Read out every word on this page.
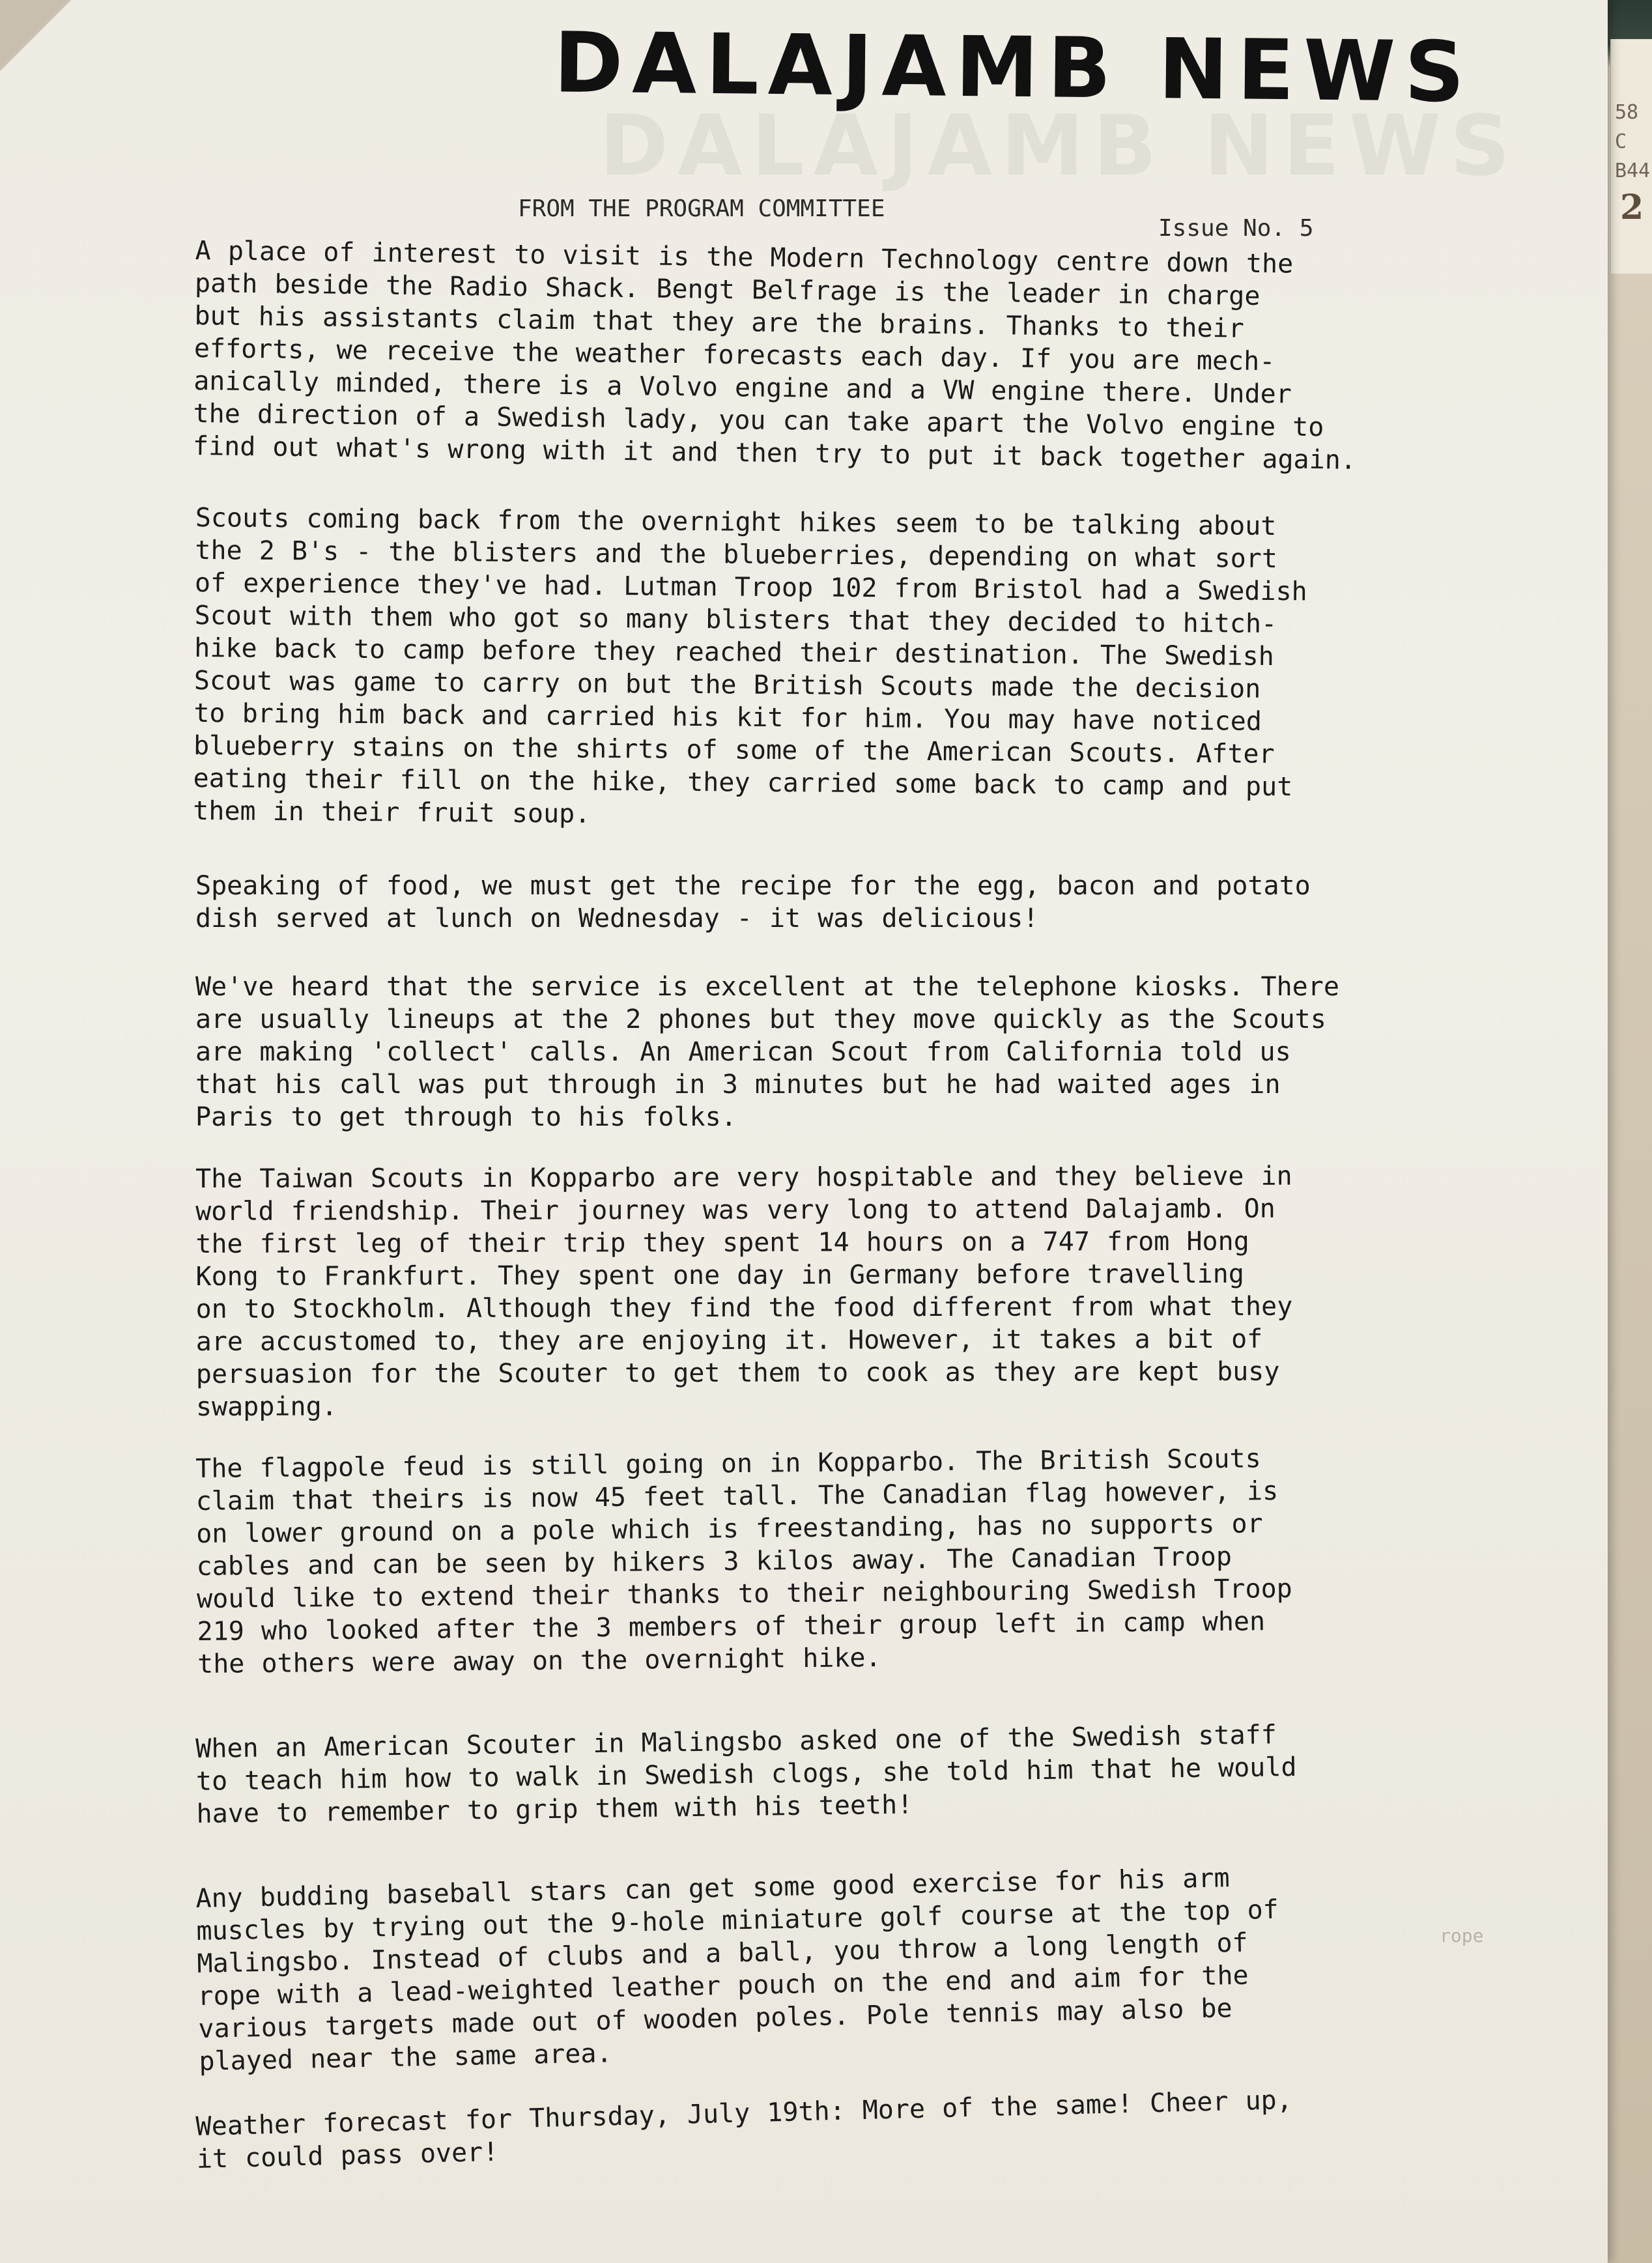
58
C
B44
2
DALAJAMB NEWS
DALAJAMB NEWS
FROM THE PROGRAM COMMITTEE
Issue No. 5
A place of interest to visit is the Modern Technology centre down the
path beside the Radio Shack. Bengt Belfrage is the leader in charge
but his assistants claim that they are the brains. Thanks to their
efforts, we receive the weather forecasts each day. If you are mech-
anically minded, there is a Volvo engine and a VW engine there. Under
the direction of a Swedish lady, you can take apart the Volvo engine to
find out what's wrong with it and then try to put it back together again.
Scouts coming back from the overnight hikes seem to be talking about
the 2 B's - the blisters and the blueberries, depending on what sort
of experience they've had. Lutman Troop 102 from Bristol had a Swedish
Scout with them who got so many blisters that they decided to hitch-
hike back to camp before they reached their destination. The Swedish
Scout was game to carry on but the British Scouts made the decision
to bring him back and carried his kit for him. You may have noticed
blueberry stains on the shirts of some of the American Scouts. After
eating their fill on the hike, they carried some back to camp and put
them in their fruit soup.
Speaking of food, we must get the recipe for the egg, bacon and potato
dish served at lunch on Wednesday - it was delicious!
We've heard that the service is excellent at the telephone kiosks. There
are usually lineups at the 2 phones but they move quickly as the Scouts
are making 'collect' calls. An American Scout from California told us
that his call was put through in 3 minutes but he had waited ages in
Paris to get through to his folks.
The Taiwan Scouts in Kopparbo are very hospitable and they believe in
world friendship. Their journey was very long to attend Dalajamb. On
the first leg of their trip they spent 14 hours on a 747 from Hong
Kong to Frankfurt. They spent one day in Germany before travelling
on to Stockholm. Although they find the food different from what they
are accustomed to, they are enjoying it. However, it takes a bit of
persuasion for the Scouter to get them to cook as they are kept busy
swapping.
The flagpole feud is still going on in Kopparbo. The British Scouts
claim that theirs is now 45 feet tall. The Canadian flag however, is
on lower ground on a pole which is freestanding, has no supports or
cables and can be seen by hikers 3 kilos away. The Canadian Troop
would like to extend their thanks to their neighbouring Swedish Troop
219 who looked after the 3 members of their group left in camp when
the others were away on the overnight hike.
When an American Scouter in Malingsbo asked one of the Swedish staff
to teach him how to walk in Swedish clogs, she told him that he would
have to remember to grip them with his teeth!
Any budding baseball stars can get some good exercise for his arm
muscles by trying out the 9-hole miniature golf course at the top of
Malingsbo. Instead of clubs and a ball, you throw a long length of
rope with a lead-weighted leather pouch on the end and aim for the
various targets made out of wooden poles. Pole tennis may also be
played near the same area.
rope
Weather forecast for Thursday, July 19th: More of the same! Cheer up,
it could pass over!
